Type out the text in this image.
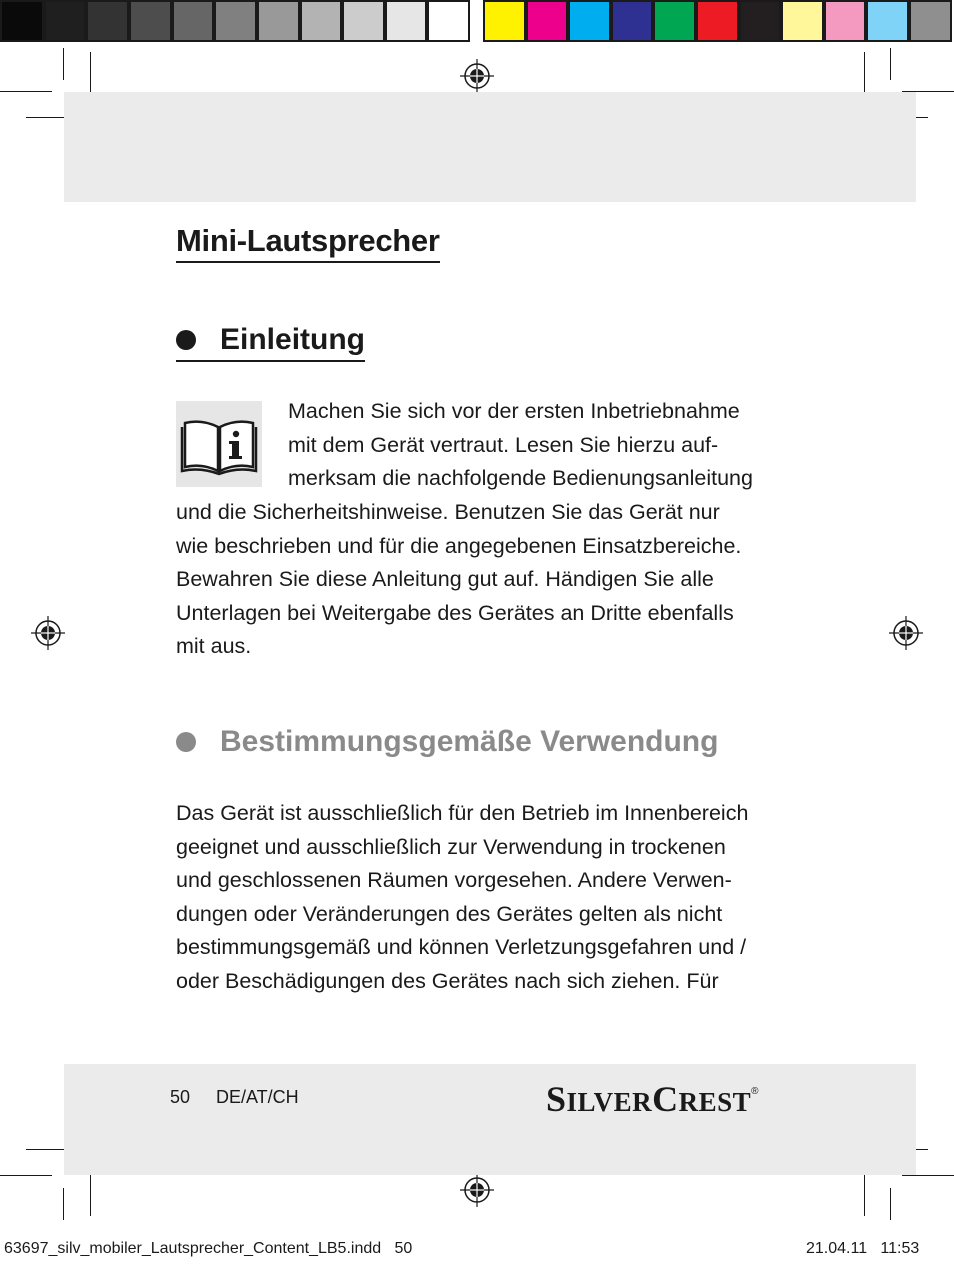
Mini-Lautsprecher
Einleitung
Machen Sie sich vor der ersten Inbetriebnahme
mit dem Gerät vertraut. Lesen Sie hierzu auf-
merksam die nachfolgende Bedienungsanleitung
und die Sicherheitshinweise. Benutzen Sie das Gerät nur
wie beschrieben und für die angegebenen Einsatzbereiche.
Bewahren Sie diese Anleitung gut auf. Händigen Sie alle
Unterlagen bei Weitergabe des Gerätes an Dritte ebenfalls
mit aus.
Bestimmungsgemäße Verwendung
Das Gerät ist ausschließlich für den Betrieb im Innenbereich
geeignet und ausschließlich zur Verwendung in trockenen
und geschlossenen Räumen vorgesehen. Andere Verwen-
dungen oder Veränderungen des Gerätes gelten als nicht
bestimmungsgemäß und können Verletzungsgefahren und /
oder Beschädigungen des Gerätes nach sich ziehen. Für
50 DE/AT/CH	SILVERCREST®
63697_silv_mobiler_Lautsprecher_Content_LB5.indd   50	21.04.11   11:53
